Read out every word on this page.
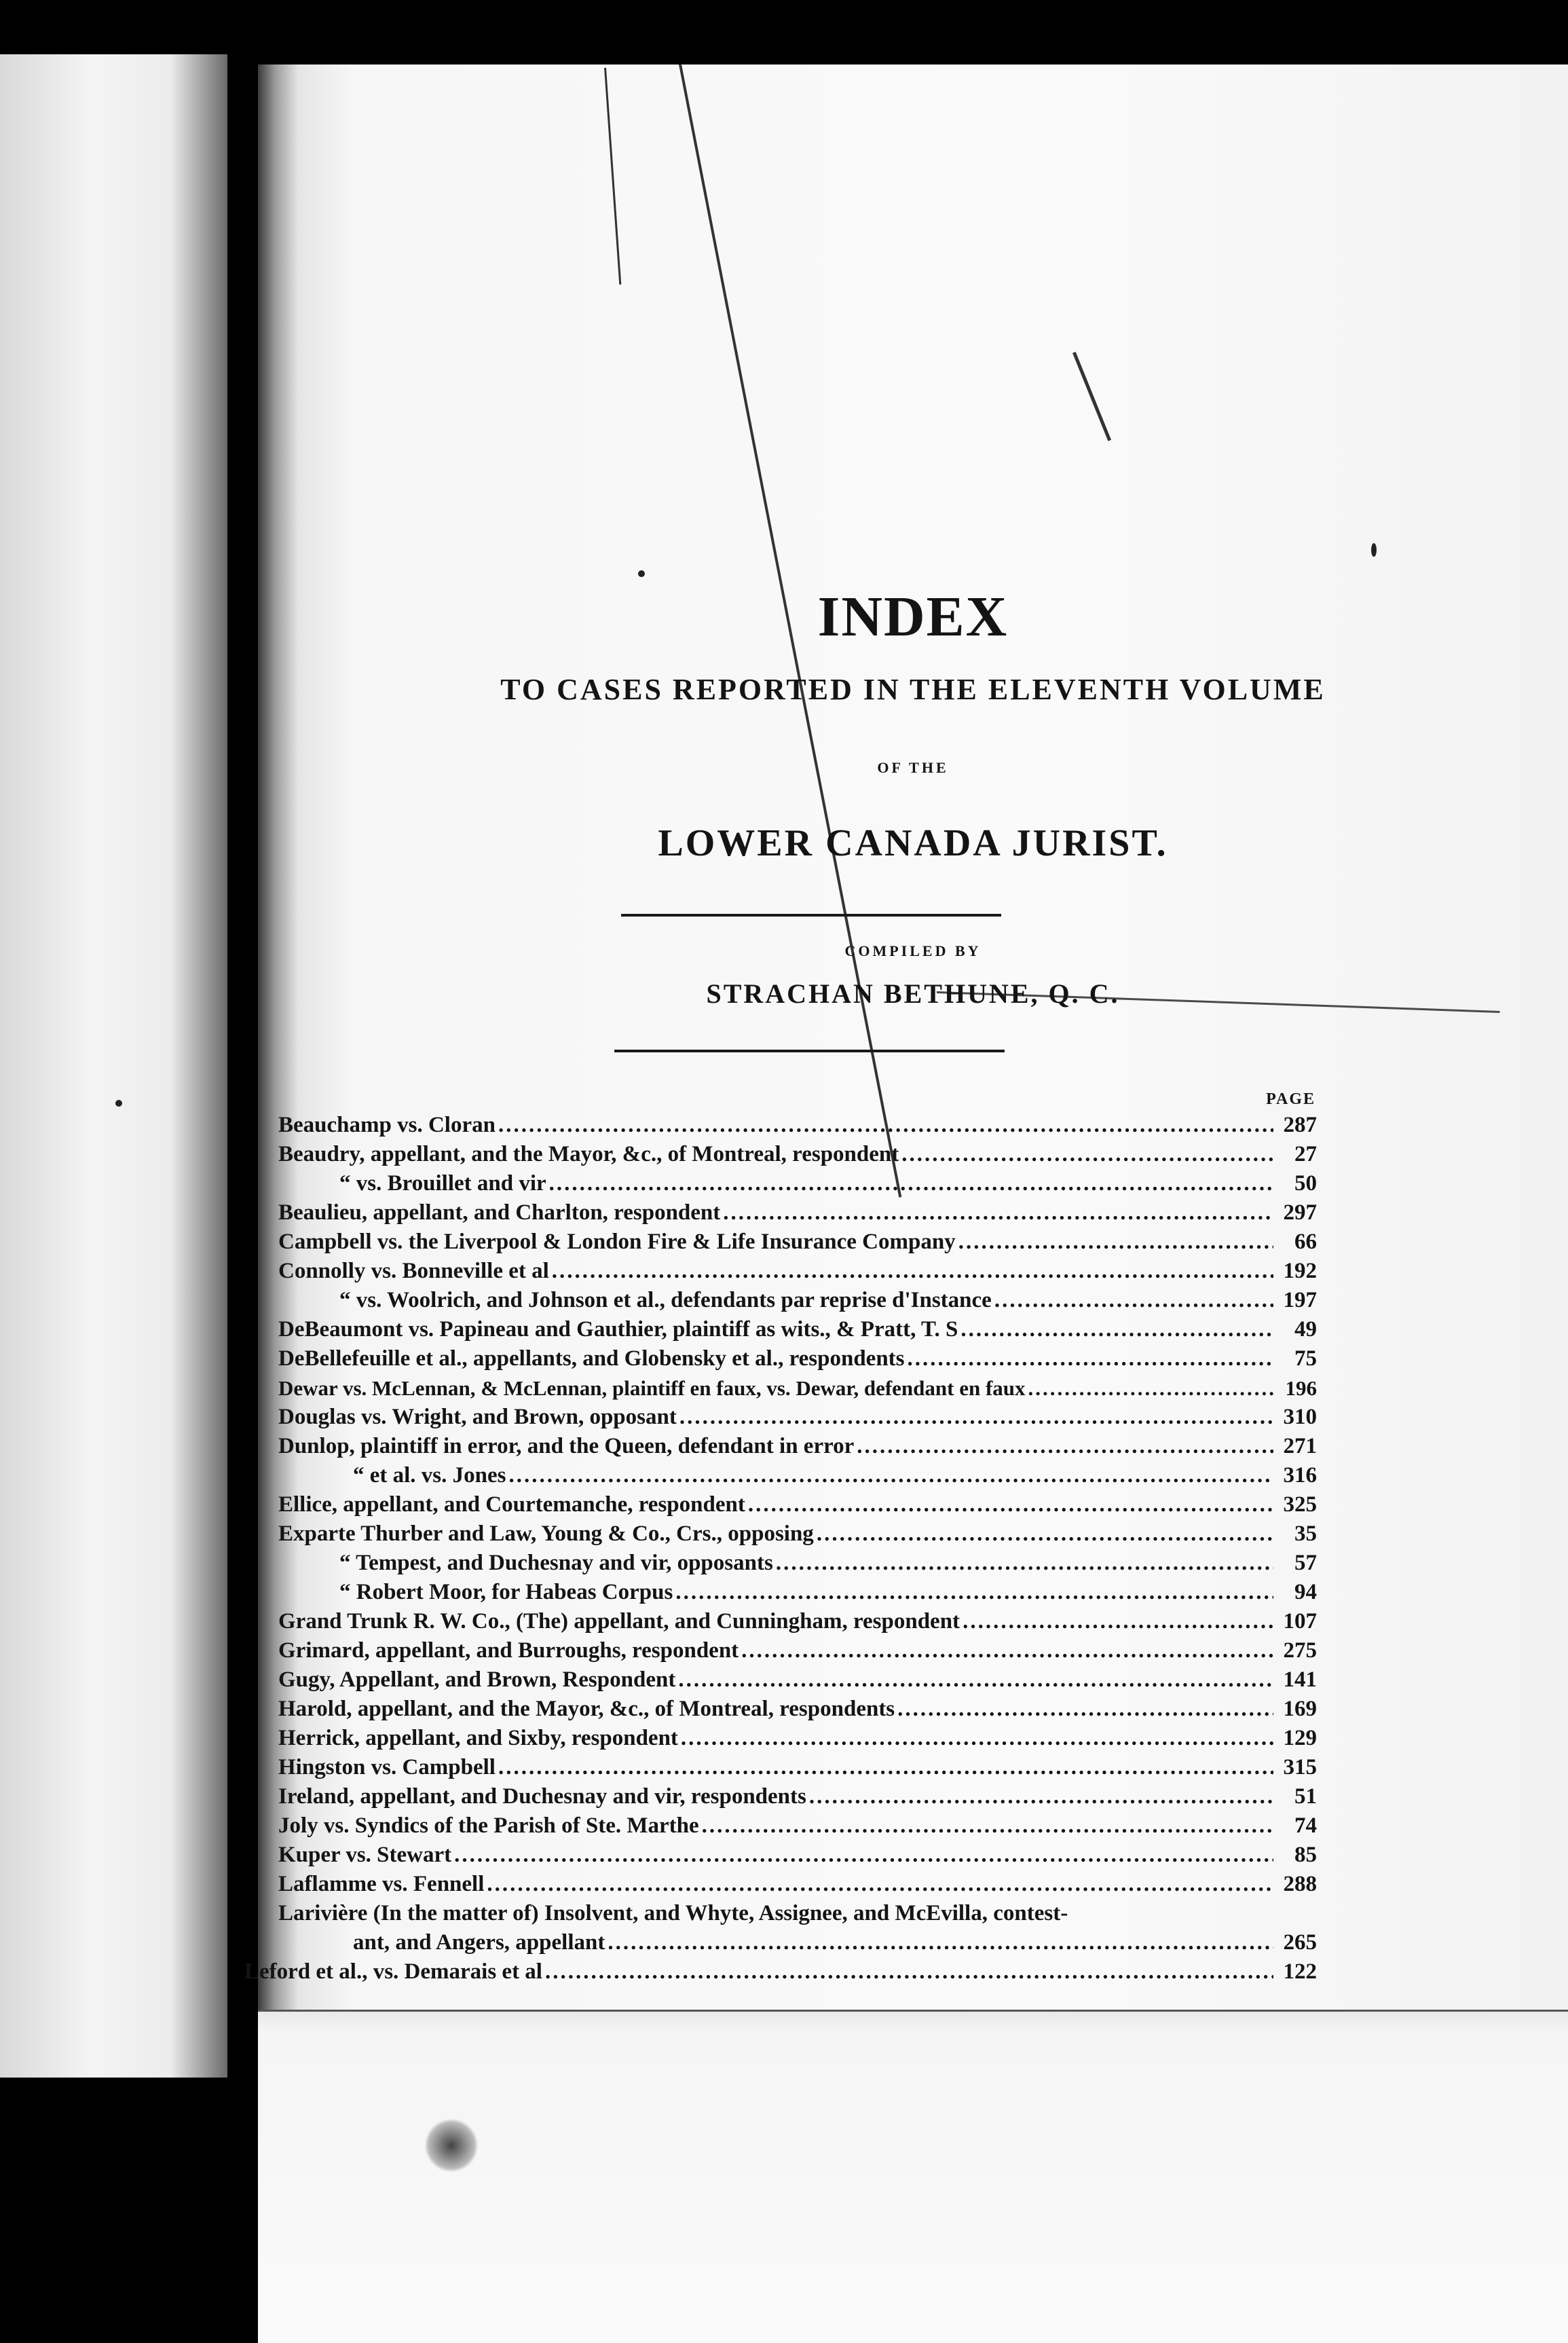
INDEX
TO CASES REPORTED IN THE ELEVENTH VOLUME
OF THE
LOWER CANADA JURIST.
COMPILED BY
STRACHAN BETHUNE, Q. C.
PAGE
Beauchamp vs. Cloran .....	287
Beaudry, appellant, and the Mayor, &c., of Montreal, respondent .....	27
“ vs. Brouillet and vir .....	50
Beaulieu, appellant, and Charlton, respondent .....	297
Campbell vs. the Liverpool & London Fire & Life Insurance Company .....	66
Connolly vs. Bonneville et al .....	192
“ vs. Woolrich, and Johnson et al., defendants par reprise d'Instance .....	197
DeBeaumont vs. Papineau and Gauthier, plaintiff as wits., & Pratt, T. S .....	49
DeBellefeuille et al., appellants, and Globensky et al., respondents .....	75
Dewar vs. McLennan, & McLennan, plaintiff en faux, vs. Dewar, defendant en faux .....	196
Douglas vs. Wright, and Brown, opposant .....	310
Dunlop, plaintiff in error, and the Queen, defendant in error .....	271
“ et al. vs. Jones .....	316
Ellice, appellant, and Courtemanche, respondent .....	325
Exparte Thurber and Law, Young & Co., Crs., opposing .....	35
“ Tempest, and Duchesnay and vir, opposants .....	57
“ Robert Moor, for Habeas Corpus .....	94
Grand Trunk R. W. Co., (The) appellant, and Cunningham, respondent .....	107
Grimard, appellant, and Burroughs, respondent .....	275
Gugy, Appellant, and Brown, Respondent .....	141
Harold, appellant, and the Mayor, &c., of Montreal, respondents .....	169
Herrick, appellant, and Sixby, respondent .....	129
Hingston vs. Campbell .....	315
Ireland, appellant, and Duchesnay and vir, respondents .....	51
Joly vs. Syndics of the Parish of Ste. Marthe .....	74
Kuper vs. Stewart .....	85
Laflamme vs. Fennell .....	288
Larivière (In the matter of) Insolvent, and Whyte, Assignee, and McEvilla, contest-
ant, and Angers, appellant .....	265
Leford et al., vs. Demarais et al .....	122
